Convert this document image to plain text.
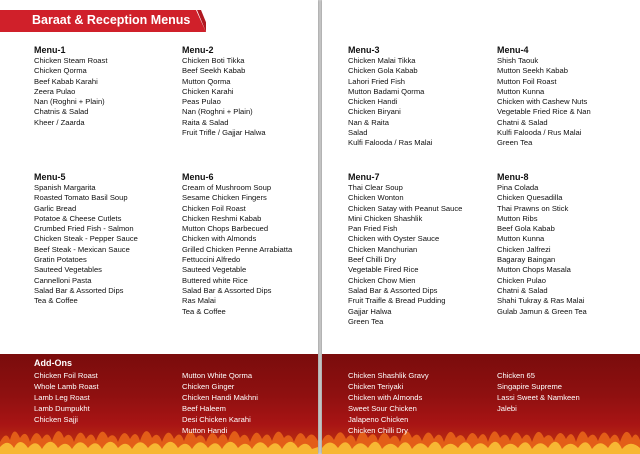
Baraat & Reception Menus
Menu-1
Chicken Steam Roast
Chicken Qorma
Beef Kabab Karahi
Zeera Pulao
Nan (Roghni + Plain)
Chatnis & Salad
Kheer / Zaarda
Menu-2
Chicken Boti Tikka
Beef Seekh Kabab
Mutton Qorma
Chicken Karahi
Peas Pulao
Nan (Roghni + Plain)
Raita & Salad
Fruit Trifle / Gajjar Halwa
Menu-5
Spanish Margarita
Roasted Tomato Basil Soup
Garlic Bread
Potatoe & Cheese Cutlets
Crumbed Fried Fish - Salmon
Chicken Steak - Pepper Sauce
Beef Steak - Mexican Sauce
Gratin Potatoes
Sauteed Vegetables
Cannelloni Pasta
Salad Bar & Assorted Dips
Tea & Coffee
Menu-6
Cream of Mushroom Soup
Sesame Chicken Fingers
Chicken Foil Roast
Chicken Reshmi Kabab
Mutton Chops Barbecued
Chicken with Almonds
Grilled Chicken Penne Arrabiatta
Fettuccini Alfredo
Sauteed Vegetable
Buttered white Rice
Salad Bar & Assorted Dips
Ras Malai
Tea & Coffee
Add-Ons
Chicken Foil Roast
Whole Lamb Roast
Lamb Leg Roast
Lamb Dumpukht
Chicken Sajji
Mutton White Qorma
Chicken Ginger
Chicken Handi Makhni
Beef Haleem
Desi Chicken Karahi
Mutton Handi
Menu-3
Chicken Malai Tikka
Chicken Gola Kabab
Lahori Fried Fish
Mutton Badami Qorma
Chicken Handi
Chicken Biryani
Nan & Raita
Salad
Kulfi Falooda / Ras Malai
Menu-4
Shish Taouk
Mutton Seekh Kabab
Mutton Foil Roast
Mutton Kunna
Chicken with Cashew Nuts
Vegetable Fried Rice & Nan
Chatni & Salad
Kulfi Falooda / Rus Malai
Green Tea
Menu-7
Thai Clear Soup
Chicken Wonton
Chicken Satay with Peanut Sauce
Mini Chicken Shashlik
Pan Fried Fish
Chicken with Oyster Sauce
Chicken Manchurian
Beef Chilli Dry
Vegetable Fired Rice
Chicken Chow Mien
Salad Bar & Assorted Dips
Fruit Traifle & Bread Pudding
Gajjar Halwa
Green Tea
Menu-8
Pina Colada
Chicken Quesadilla
Thai Prawns on Stick
Mutton Ribs
Beef Gola Kabab
Mutton Kunna
Chicken Jalfrezi
Bagaray Baingan
Mutton Chops Masala
Chicken Pulao
Chatni & Salad
Shahi Tukray & Ras Malai
Gulab Jamun & Green Tea
Chicken Shashlik Gravy
Chicken Teriyaki
Chicken with Almonds
Sweet Sour Chicken
Jalapeno Chicken
Chicken Chilli Dry
Chicken 65
Singapire Supreme
Lassi Sweet & Namkeen
Jalebi
